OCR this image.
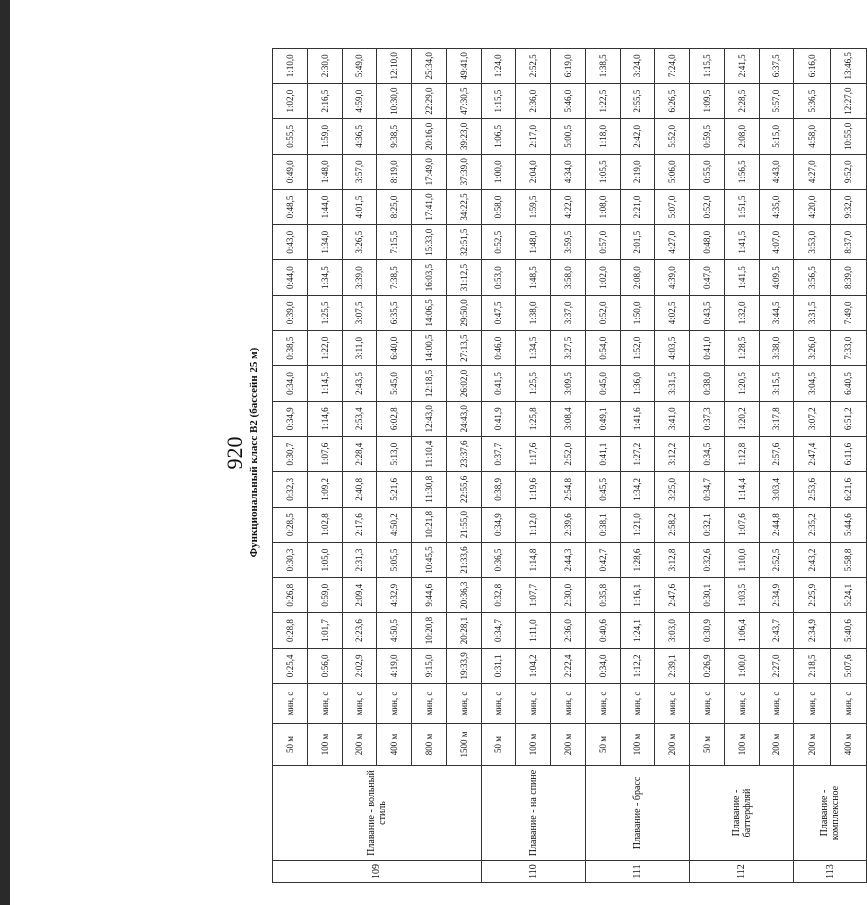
920 Функциональный класс В2 (бассейн 25 м)
109	Плавание - вольный стиль	50 м	мин, с	0:25,4	0:28,8	0:26,8	0:30,3	0:28,5	0:32,3	0:30,7	0:34,9	0:34,0	0:38,5	0:39,0	0:44,0	0:43,0	0:48,5	0:49,0	0:55,5	1:02,0	1:10,0
		100 м	мин, с	0:56,0	1:01,7	0:59,0	1:05,0	1:02,8	1:09,2	1:07,6	1:14,6	1:14,5	1:22,0	1:25,5	1:34,5	1:34,0	1:44,0	1:48,0	1:59,0	2:16,5	2:30,0
		200 м	мин, с	2:02,9	2:23,6	2:09,4	2:31,3	2:17,6	2:40,8	2:28,4	2:53,4	2:43,5	3:11,0	3:07,5	3:39,0	3:26,5	4:01,5	3:57,0	4:36,5	4:59,0	5:49,0
		400 м	мин, с	4:19,0	4:50,5	4:32,9	5:05,5	4:50,2	5:21,6	5:13,0	6:02,8	5:45,0	6:40,0	6:35,5	7:38,5	7:15,5	8:25,0	8:19,0	9:38,5	10:30,0	12:10,0
		800 м	мин, с	9:15,0	10:20,8	9:44,6	10:45,5	10:21,8	11:30,8	11:10,4	12:43,0	12:18,5	14:00,5	14:06,5	16:03,5	15:33,0	17:41,0	17:49,0	20:16,0	22:29,0	25:34,0
		1500 м	мин, с	19:33,9	20:28,1	20:36,3	21:33,6	21:55,0	22:55,6	23:37,6	24:43,0	26:02,0	27:13,5	29:50,0	31:12,5	32:51,5	34:22,5	37:39,0	39:23,0	47:30,5	49:41,0
110	Плавание - на спине	50 м	мин, с	0:31,1	0:34,7	0:32,8	0:36,5	0:34,9	0:38,9	0:37,7	0:41,9	0:41,5	0:46,0	0:47,5	0:53,0	0:52,5	0:58,0	1:00,0	1:06,5	1:15,5	1:24,0
		100 м	мин, с	1:04,2	1:11,0	1:07,7	1:14,8	1:12,0	1:19,6	1:17,6	1:25,8	1:25,5	1:34,5	1:38,0	1:48,5	1:48,0	1:59,5	2:04,0	2:17,0	2:36,0	2:52,5
		200 м	мин, с	2:22,4	2:36,0	2:30,0	2:44,3	2:39,6	2:54,8	2:52,0	3:08,4	3:09,5	3:27,5	3:37,0	3:58,0	3:59,5	4:22,0	4:34,0	5:00,5	5:46,0	6:19,0
111	Плавание - брасс	50 м	мин, с	0:34,0	0:40,6	0:35,8	0:42,7	0:38,1	0:45,5	0:41,1	0:49,1	0:45,0	0:54,0	0:52,0	1:02,0	0:57,0	1:08,0	1:05,5	1:18,0	1:22,5	1:38,5
		100 м	мин, с	1:12,2	1:24,1	1:16,1	1:28,6	1:21,0	1:34,2	1:27,2	1:41,6	1:36,0	1:52,0	1:50,0	2:08,0	2:01,5	2:21,0	2:19,0	2:42,0	2:55,5	3:24,0
		200 м	мин, с	2:39,1	3:03,0	2:47,6	3:12,8	2:58,2	3:25,0	3:12,2	3:41,0	3:31,5	4:03,5	4:02,5	4:39,0	4:27,0	5:07,0	5:06,0	5:52,0	6:26,5	7:24,0
112	Плавание - баттерфляй	50 м	мин, с	0:26,9	0:30,9	0:30,1	0:32,6	0:32,1	0:34,7	0:34,5	0:37,3	0:38,0	0:41,0	0:43,5	0:47,0	0:48,0	0:52,0	0:55,0	0:59,5	1:09,5	1:15,5
		100 м	мин, с	1:00,0	1:06,4	1:03,5	1:10,0	1:07,6	1:14,4	1:12,8	1:20,2	1:20,5	1:28,5	1:32,0	1:41,5	1:41,5	1:51,5	1:56,5	2:08,0	2:28,5	2:41,5
		200 м	мин, с	2:27,0	2:43,7	2:34,9	2:52,5	2:44,8	3:03,4	2:57,6	3:17,8	3:15,5	3:38,0	3:44,5	4:09,5	4:07,0	4:35,0	4:43,0	5:15,0	5:57,0	6:37,5
113	Плавание - комплексное	200 м	мин, с	2:18,5	2:34,9	2:25,9	2:43,2	2:35,2	2:53,6	2:47,4	3:07,2	3:04,5	3:26,0	3:31,5	3:56,5	3:53,0	4:20,0	4:27,0	4:58,0	5:36,5	6:16,0
		400 м	мин, с	5:07,6	5:40,6	5:24,1	5:58,8	5:44,6	6:21,6	6:11,6	6:51,2	6:40,5	7:33,0	7:49,0	8:39,0	8:37,0	9:32,0	9:52,0	10:55,0	12:27,0	13:46,5
